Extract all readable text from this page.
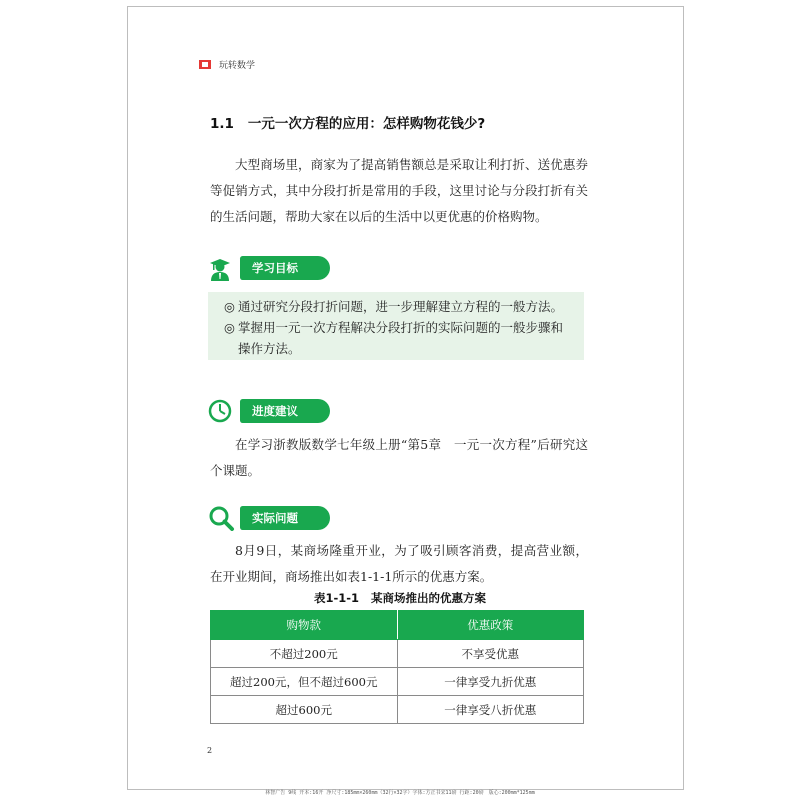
玩转数学
1.1 一元一次方程的应用：怎样购物花钱少?
大型商场里，商家为了提高销售额总是采取让利打折、送优惠券等促销方式，其中分段打折是常用的手段，这里讨论与分段打折有关的生活问题，帮助大家在以后的生活中以更优惠的价格购物。
学习目标
◎ 通过研究分段打折问题，进一步理解建立方程的一般方法。
◎ 掌握用一元一次方程解决分段打折的实际问题的一般步骤和操作方法。
进度建议
在学习浙教版数学七年级上册“第5章　一元一次方程”后研究这个课题。
实际问题
8月9日，某商场隆重开业，为了吸引顾客消费，提高营业额，在开业期间，商场推出如表1-1-1所示的优惠方案。
表1-1-1 某商场推出的优惠方案
购物款	优惠政策
不超过200元	不享受优惠
超过200元，但不超过600元	一律享受九折优惠
超过600元	一律享受八折优惠
2
林智广告 9线 开本:16开 净尺寸:185mm×260mm（32行×32字）字体:方正书宋11磅 行距:20磅　版心:200mm*125mm
